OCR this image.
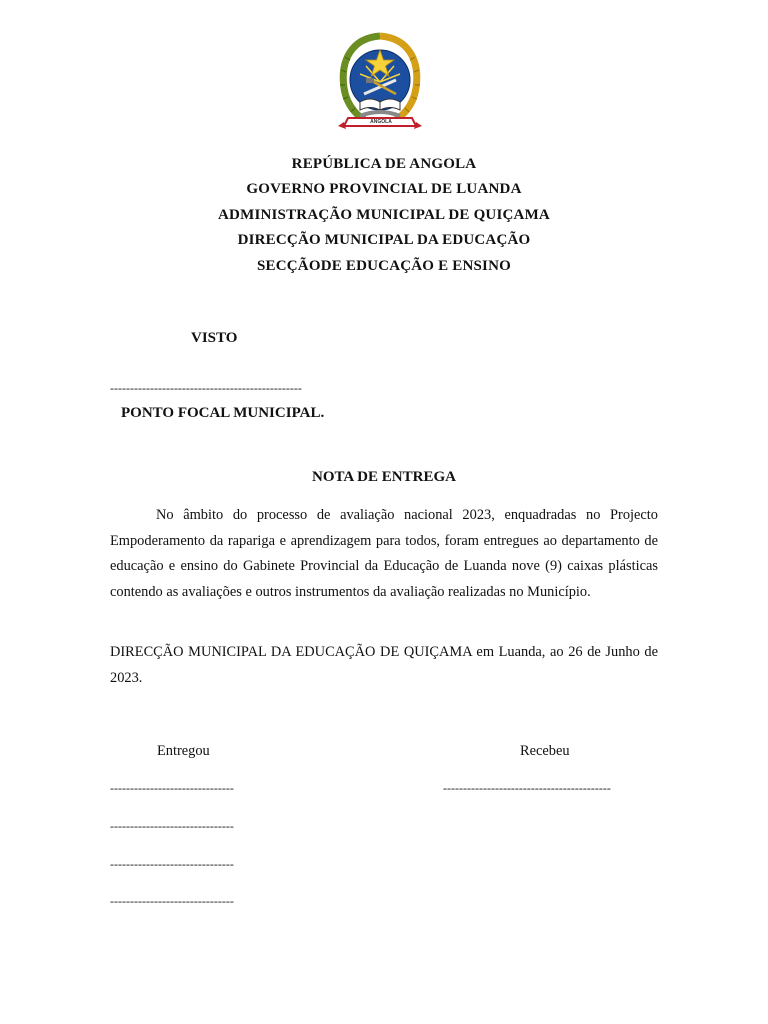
ANGOLA
REPÚBLICA DE ANGOLA
GOVERNO PROVINCIAL DE LUANDA
ADMINISTRAÇÃO MUNICIPAL DE QUIÇAMA
DIRECÇÃO MUNICIPAL DA EDUCAÇÃO
SECÇÃODE EDUCAÇÃO E ENSINO
VISTO
------------------------------------------------
PONTO FOCAL MUNICIPAL.
NOTA DE ENTREGA
No âmbito do processo de avaliação nacional 2023, enquadradas no Projecto Empoderamento da rapariga e aprendizagem para todos, foram entregues ao departamento de educação e ensino do Gabinete Provincial da Educação de Luanda nove (9) caixas plásticas contendo as avaliações e outros instrumentos da avaliação realizadas no Município.
DIRECÇÃO MUNICIPAL DA EDUCAÇÃO DE QUIÇAMA em Luanda, ao 26 de Junho de 2023.
Entregou	Recebeu
-------------------------------	------------------------------------------
-------------------------------
-------------------------------
-------------------------------
